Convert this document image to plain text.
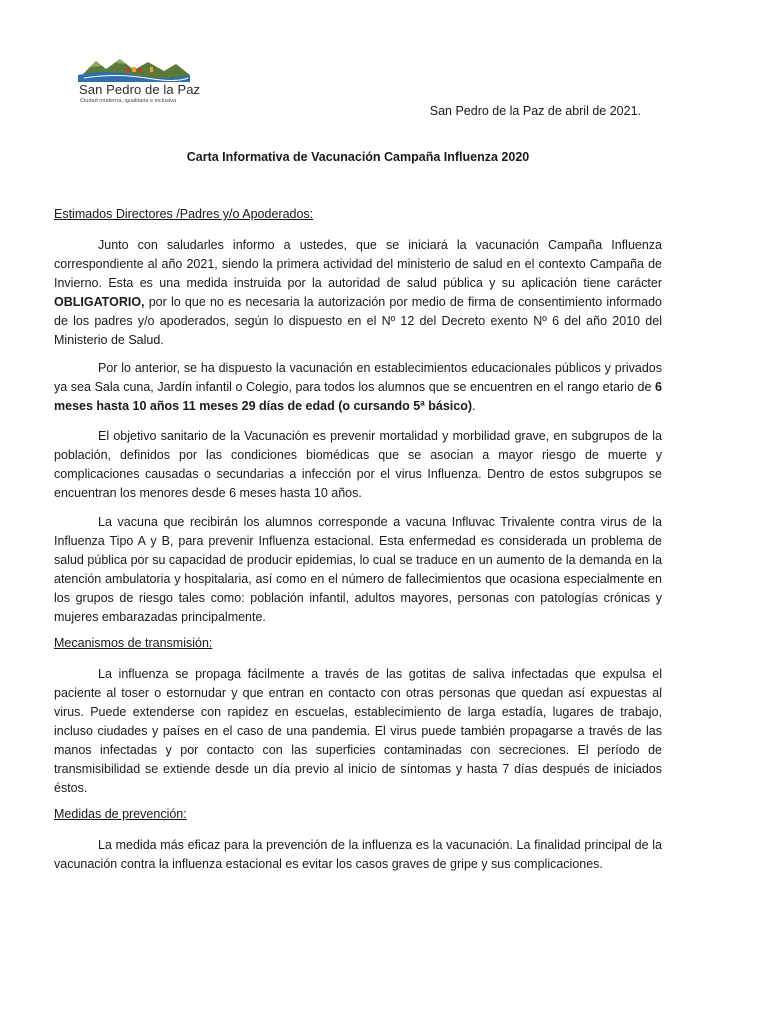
San Pedro de la Paz
Ciudad moderna, igualitaria e inclusiva
San Pedro de la Paz de abril de 2021.
Carta Informativa de Vacunación Campaña Influenza 2020
Estimados Directores /Padres y/o Apoderados:

Junto con saludarles informo a ustedes, que se iniciará la vacunación Campaña Influenza correspondiente al año 2021, siendo la primera actividad del ministerio de salud en el contexto Campaña de Invierno. Esta es una medida instruida por la autoridad de salud pública y su aplicación tiene carácter OBLIGATORIO, por lo que no es necesaria la autorización por medio de firma de consentimiento informado de los padres y/o apoderados, según lo dispuesto en el Nº 12 del Decreto exento Nº 6 del año 2010 del Ministerio de Salud.

Por lo anterior, se ha dispuesto la vacunación en establecimientos educacionales públicos y privados ya sea Sala cuna, Jardín infantil o Colegio, para todos los alumnos que se encuentren en el rango etario de 6 meses hasta 10 años 11 meses 29 días de edad (o cursando 5ª básico).

El objetivo sanitario de la Vacunación es prevenir mortalidad y morbilidad grave, en subgrupos de la población, definidos por las condiciones biomédicas que se asocian a mayor riesgo de muerte y complicaciones causadas o secundarias a infección por el virus Influenza. Dentro de estos subgrupos se encuentran los menores desde 6 meses hasta 10 años.

La vacuna que recibirán los alumnos corresponde a vacuna Influvac Trivalente contra virus de la Influenza Tipo A y B, para prevenir Influenza estacional. Esta enfermedad es considerada un problema de salud pública por su capacidad de producir epidemias, lo cual se traduce en un aumento de la demanda en la atención ambulatoria y hospitalaria, así como en el número de fallecimientos que ocasiona especialmente en los grupos de riesgo tales como: población infantil, adultos mayores, personas con patologías crónicas y mujeres embarazadas principalmente.

Mecanismos de transmisión:

La influenza se propaga fácilmente a través de las gotitas de saliva infectadas que expulsa el paciente al toser o estornudar y que entran en contacto con otras personas que quedan así expuestas al virus. Puede extenderse con rapidez en escuelas, establecimiento de larga estadía, lugares de trabajo, incluso ciudades y países en el caso de una pandemia. El virus puede también propagarse a través de las manos infectadas y por contacto con las superficies contaminadas con secreciones. El período de transmisibilidad se extiende desde un día previo al inicio de síntomas y hasta 7 días después de iniciados éstos.

Medidas de prevención:

La medida más eficaz para la prevención de la influenza es la vacunación. La finalidad principal de la vacunación contra la influenza estacional es evitar los casos graves de gripe y sus complicaciones.
